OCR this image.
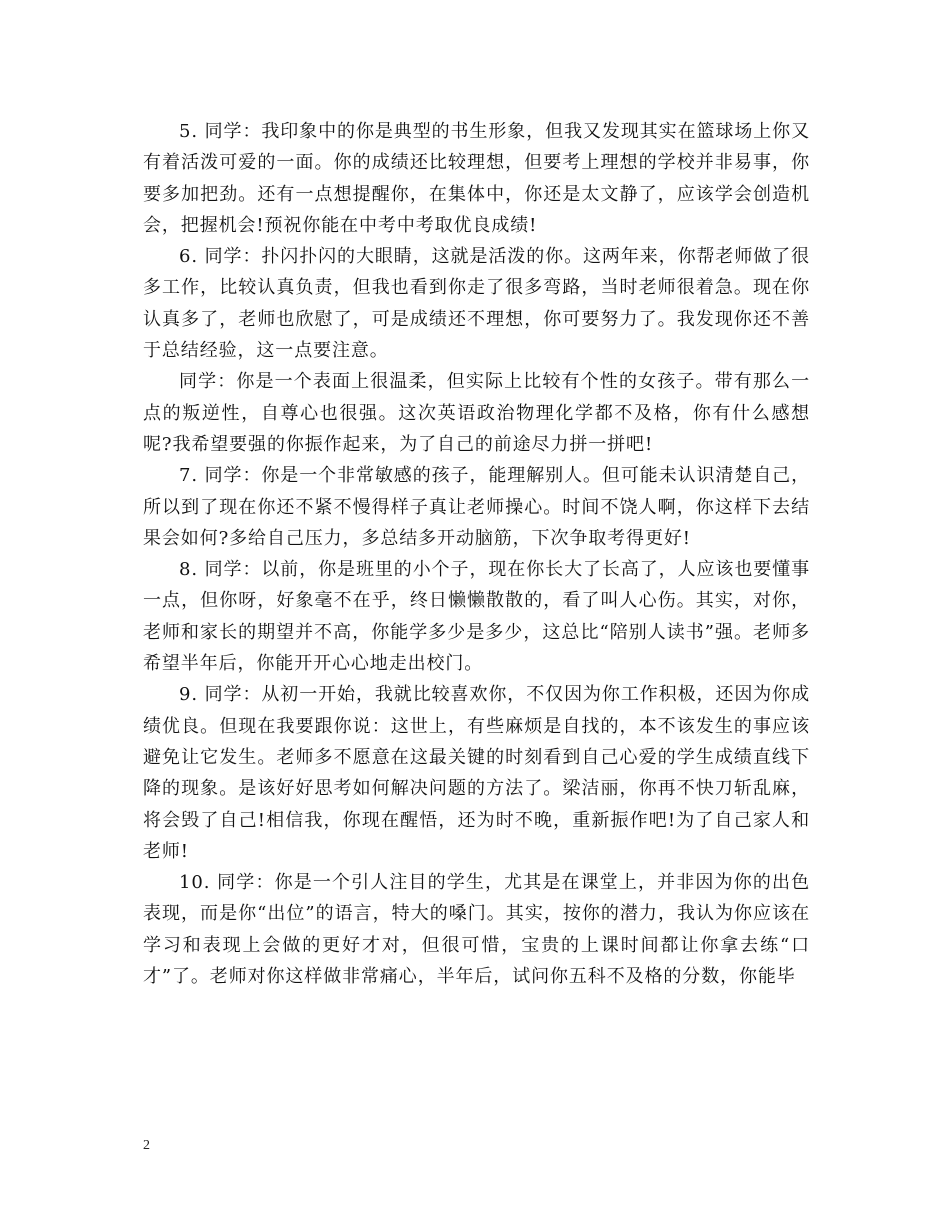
5. 同学：我印象中的你是典型的书生形象，但我又发现其实在篮球场上你又有着活泼可爱的一面。你的成绩还比较理想，但要考上理想的学校并非易事，你要多加把劲。还有一点想提醒你，在集体中，你还是太文静了，应该学会创造机会，把握机会!预祝你能在中考中考取优良成绩!

6. 同学：扑闪扑闪的大眼睛，这就是活泼的你。这两年来，你帮老师做了很多工作，比较认真负责，但我也看到你走了很多弯路，当时老师很着急。现在你认真多了，老师也欣慰了，可是成绩还不理想，你可要努力了。我发现你还不善于总结经验，这一点要注意。

同学：你是一个表面上很温柔，但实际上比较有个性的女孩子。带有那么一点的叛逆性，自尊心也很强。这次英语政治物理化学都不及格，你有什么感想呢?我希望要强的你振作起来，为了自己的前途尽力拼一拼吧!

7. 同学：你是一个非常敏感的孩子，能理解别人。但可能未认识清楚自己，所以到了现在你还不紧不慢得样子真让老师操心。时间不饶人啊，你这样下去结果会如何?多给自己压力，多总结多开动脑筋，下次争取考得更好!

8. 同学：以前，你是班里的小个子，现在你长大了长高了，人应该也要懂事一点，但你呀，好象毫不在乎，终日懒懒散散的，看了叫人心伤。其实，对你，老师和家长的期望并不高，你能学多少是多少，这总比“陪别人读书”强。老师多希望半年后，你能开开心心地走出校门。

9. 同学：从初一开始，我就比较喜欢你，不仅因为你工作积极，还因为你成绩优良。但现在我要跟你说：这世上，有些麻烦是自找的，本不该发生的事应该避免让它发生。老师多不愿意在这最关键的时刻看到自己心爱的学生成绩直线下降的现象。是该好好思考如何解决问题的方法了。梁洁丽，你再不快刀斩乱麻，将会毁了自己!相信我，你现在醒悟，还为时不晚，重新振作吧!为了自己家人和老师!

10. 同学：你是一个引人注目的学生，尤其是在课堂上，并非因为你的出色表现，而是你“出位”的语言，特大的嗓门。其实，按你的潜力，我认为你应该在学习和表现上会做的更好才对，但很可惜，宝贵的上课时间都让你拿去练“口才”了。老师对你这样做非常痛心，半年后，试问你五科不及格的分数，你能毕

2
